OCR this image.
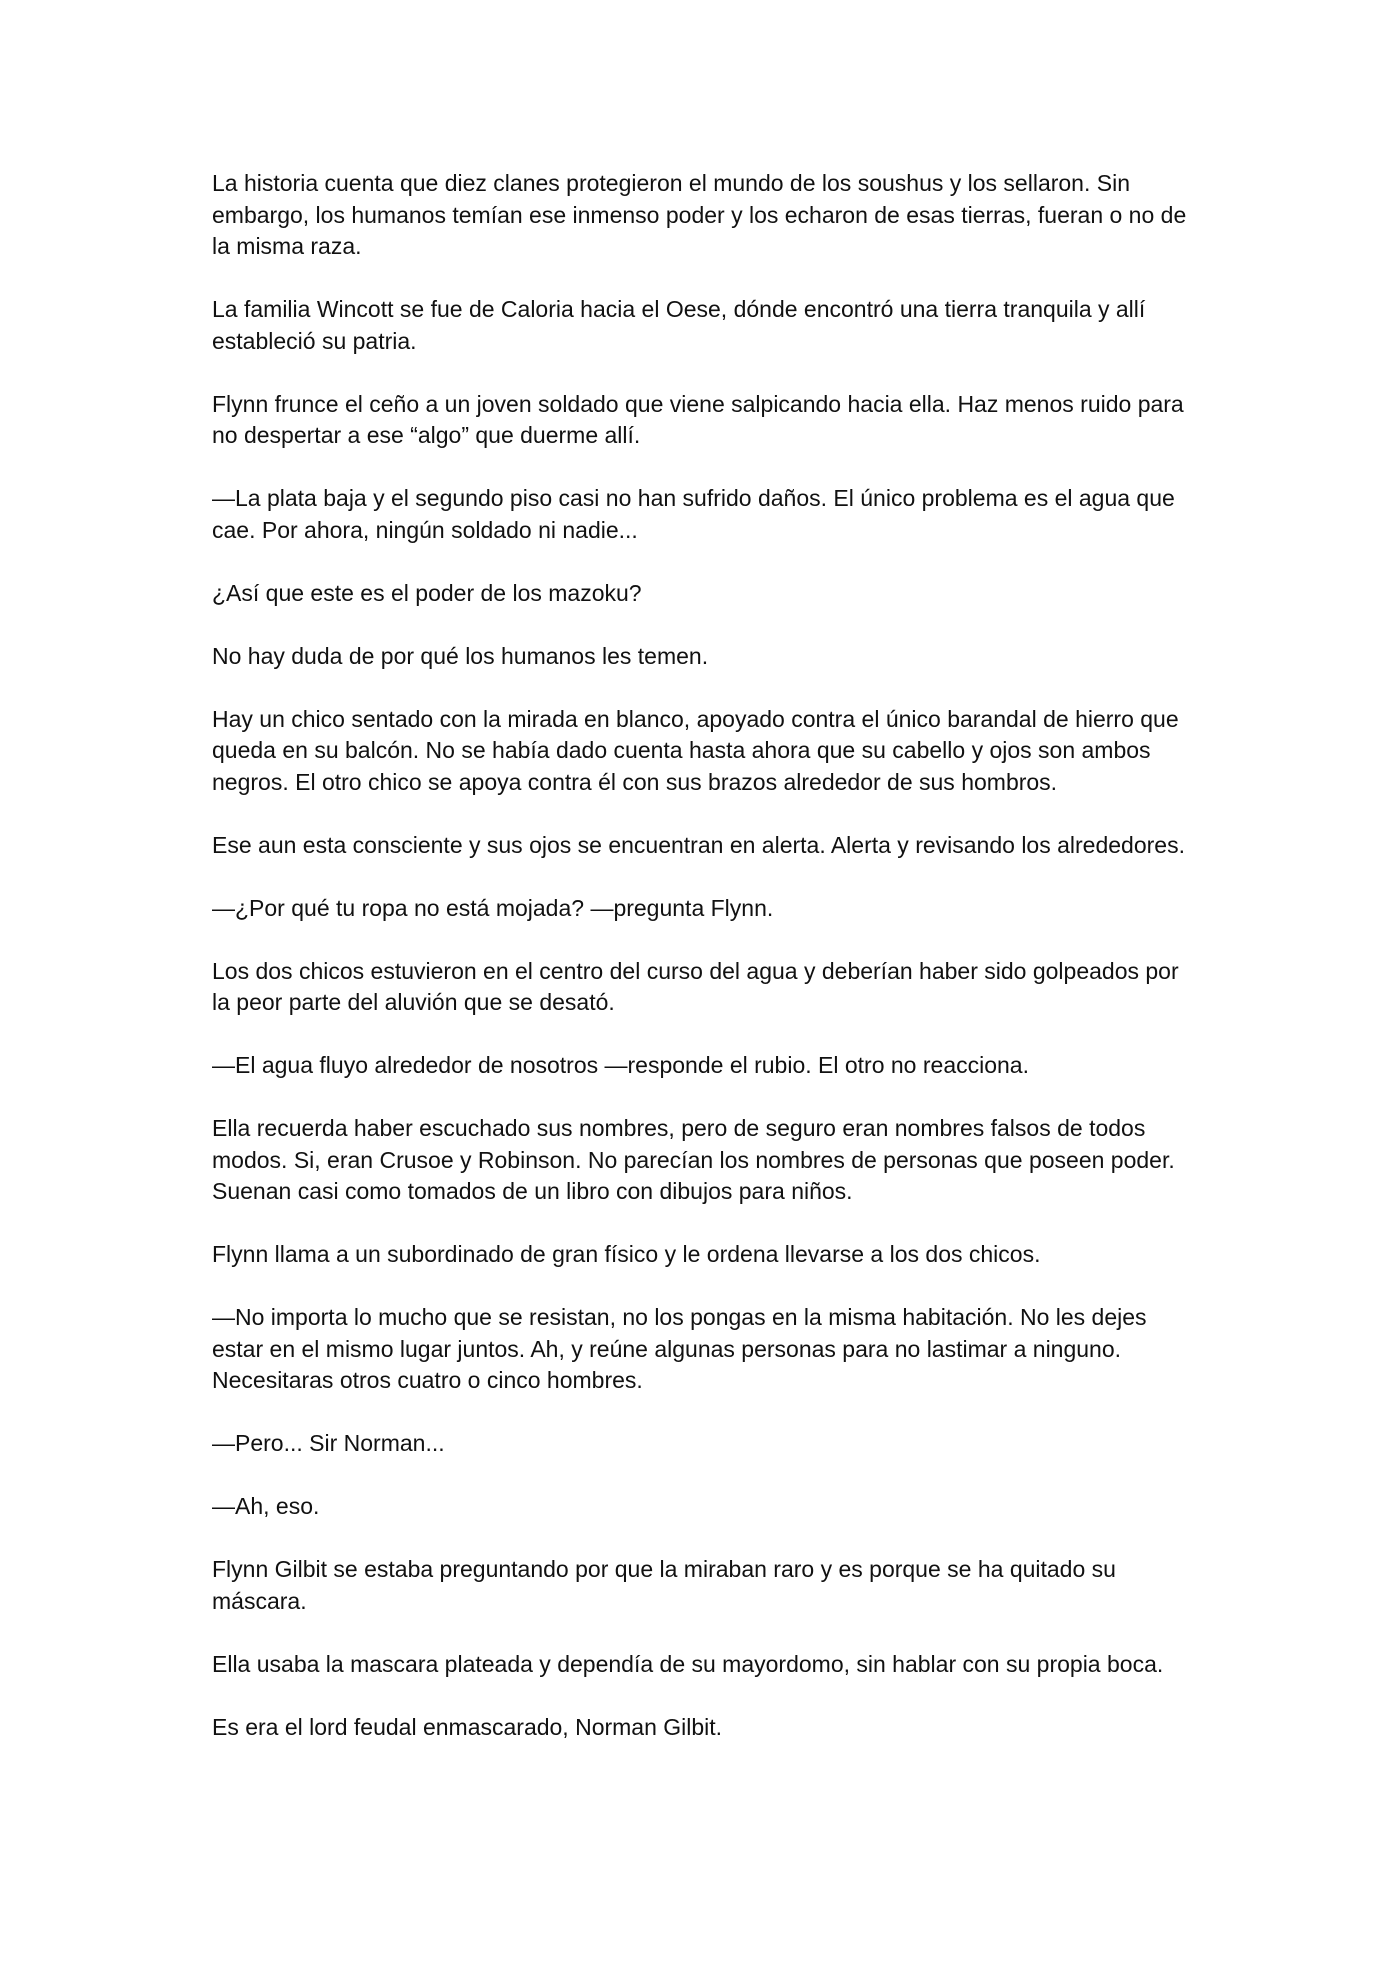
La historia cuenta que diez clanes protegieron el mundo de los soushus y los sellaron. Sin embargo, los humanos temían ese inmenso poder y los echaron de esas tierras, fueran o no de la misma raza.

La familia Wincott se fue de Caloria hacia el Oese, dónde encontró una tierra tranquila y allí estableció su patria.

Flynn frunce el ceño a un joven soldado que viene salpicando hacia ella. Haz menos ruido para no despertar a ese “algo” que duerme allí.

—La plata baja y el segundo piso casi no han sufrido daños. El único problema es el agua que cae. Por ahora, ningún soldado ni nadie...

¿Así que este es el poder de los mazoku?

No hay duda de por qué los humanos les temen.

Hay un chico sentado con la mirada en blanco, apoyado contra el único barandal de hierro que queda en su balcón. No se había dado cuenta hasta ahora que su cabello y ojos son ambos negros. El otro chico se apoya contra él con sus brazos alrededor de sus hombros.

Ese aun esta consciente y sus ojos se encuentran en alerta. Alerta y revisando los alrededores.

—¿Por qué tu ropa no está mojada? —pregunta Flynn.

Los dos chicos estuvieron en el centro del curso del agua y deberían haber sido golpeados por la peor parte del aluvión que se desató.

—El agua fluyo alrededor de nosotros —responde el rubio. El otro no reacciona.

Ella recuerda haber escuchado sus nombres, pero de seguro eran nombres falsos de todos modos. Si, eran Crusoe y Robinson. No parecían los nombres de personas que poseen poder. Suenan casi como tomados de un libro con dibujos para niños.

Flynn llama a un subordinado de gran físico y le ordena llevarse a los dos chicos.

—No importa lo mucho que se resistan, no los pongas en la misma habitación. No les dejes estar en el mismo lugar juntos. Ah, y reúne algunas personas para no lastimar a ninguno. Necesitaras otros cuatro o cinco hombres.

—Pero... Sir Norman...

—Ah, eso.

Flynn Gilbit se estaba preguntando por que la miraban raro y es porque se ha quitado su máscara.

Ella usaba la mascara plateada y dependía de su mayordomo, sin hablar con su propia boca.

Es era el lord feudal enmascarado, Norman Gilbit.
